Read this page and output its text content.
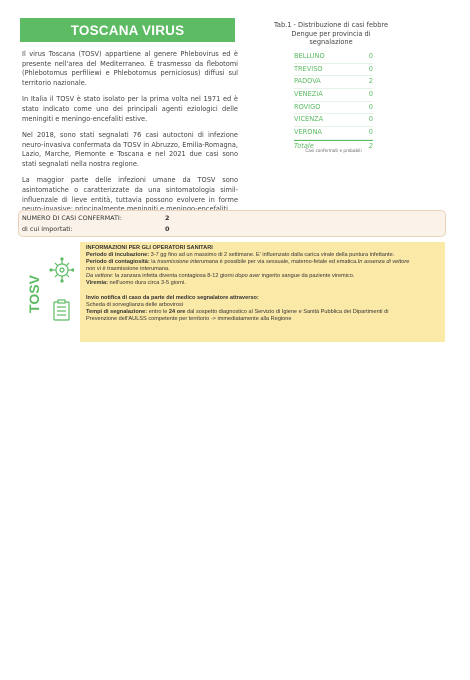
TOSCANA VIRUS

Il virus Toscana (TOSV) appartiene al genere Phlebovirus ed è presente nell'area del Mediterraneo. È trasmesso da flebotomi (Phlebotomus perfiliewi e Phlebotomus perniciosus) diffusi sul territorio nazionale.

In Italia il TOSV è stato isolato per la prima volta nel 1971 ed è stato indicato come uno dei principali agenti eziologici delle meningiti e meningo-encefaliti estive.

Nel 2018, sono stati segnalati 76 casi autoctoni di infezione neuro-invasiva confermata da TOSV in Abruzzo, Emilia-Romagna, Lazio, Marche, Piemonte e Toscana e nel 2021 due casi sono stati segnalati nella nostra regione.

La maggior parte delle infezioni umane da TOSV sono asintomatiche o caratterizzate da una sintomatologia simil-influenzale di lieve entità, tuttavia possono evolvere in forme

Tab.1 - Distribuzione di casi febbre Dengue per provincia di segnalazione
BELLUNO	0
TREVISO	0
PADOVA	2
VENEZIA	0
ROVIGO	0
VICENZA	0
VERONA	0
Totale	2
Casi confermati e probabili
NUMERO DI CASI CONFERMATI:	2
di cui importati:	0
TOSV
INFORMAZIONI PER GLI OPERATORI SANITARI
Periodo di incubazione: 3-7 gg fino ad un massimo di 2 settimane. E' influenzato dalla carica virale della puntura infettante.
Periodo di contagiosità: la trasmissione interumana è possibile per via sessuale, materno-fetale ed ematica.In assenza di vettore
non vi è trasmissione interumana.
Da vettore: la zanzara infetta diventa contagiosa 8-12 giorni dopo aver ingerito sangue da paziente viremico.
Viremia: nell'uomo dura circa 3-5 giorni.
Invio notifica di caso da parte del medico segnalatore attraverso:
Scheda di sorveglianza delle arbovirosi
Tempi di segnalazione: entro le 24 ore dal sospetto diagnostico al Servizio di Igiene e Sanità Pubblica dei Dipartimenti di
Prevenzione dell'AULSS competente per territorio -> immediatamente alla Regione
